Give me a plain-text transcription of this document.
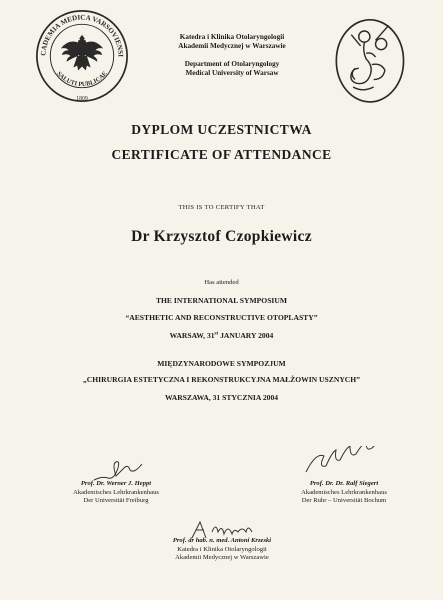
CADEMIA MEDICA VARSOVIENSI
SALUTI PUBLICAE
1809
Katedra i Klinika Otolaryngologii
Akademii Medycznej w Warszawie
Department of Otolaryngology
Medical University of Warsaw
DYPLOM UCZESTNICTWA
CERTIFICATE OF ATTENDANCE
THIS IS TO CERTIFY THAT
Dr Krzysztof Czopkiewicz
Has attended
THE INTERNATIONAL SYMPOSIUM
“AESTHETIC AND RECONSTRUCTIVE OTOPLASTY”
WARSAW, 31st JANUARY 2004
MIĘDZYNARODOWE SYMPOZJUM
„CHIRURGIA ESTETYCZNA I REKONSTRUKCYJNA MAŁŻOWIN USZNYCH”
WARSZAWA, 31 STYCZNIA 2004
Prof. Dr. Werner J. Heppt
Akademisches Lehrkrankenhaus
Der Universität Freiburg
Prof. Dr. Dr. Ralf Siegert
Akademisches Lehrkrankenhaus
Der Ruhr – Universität Bochum
Prof. dr hab. n. med. Antoni Krzeski
Katedra i Klinika Otolaryngologii
Akademii Medycznej w Warszawie
